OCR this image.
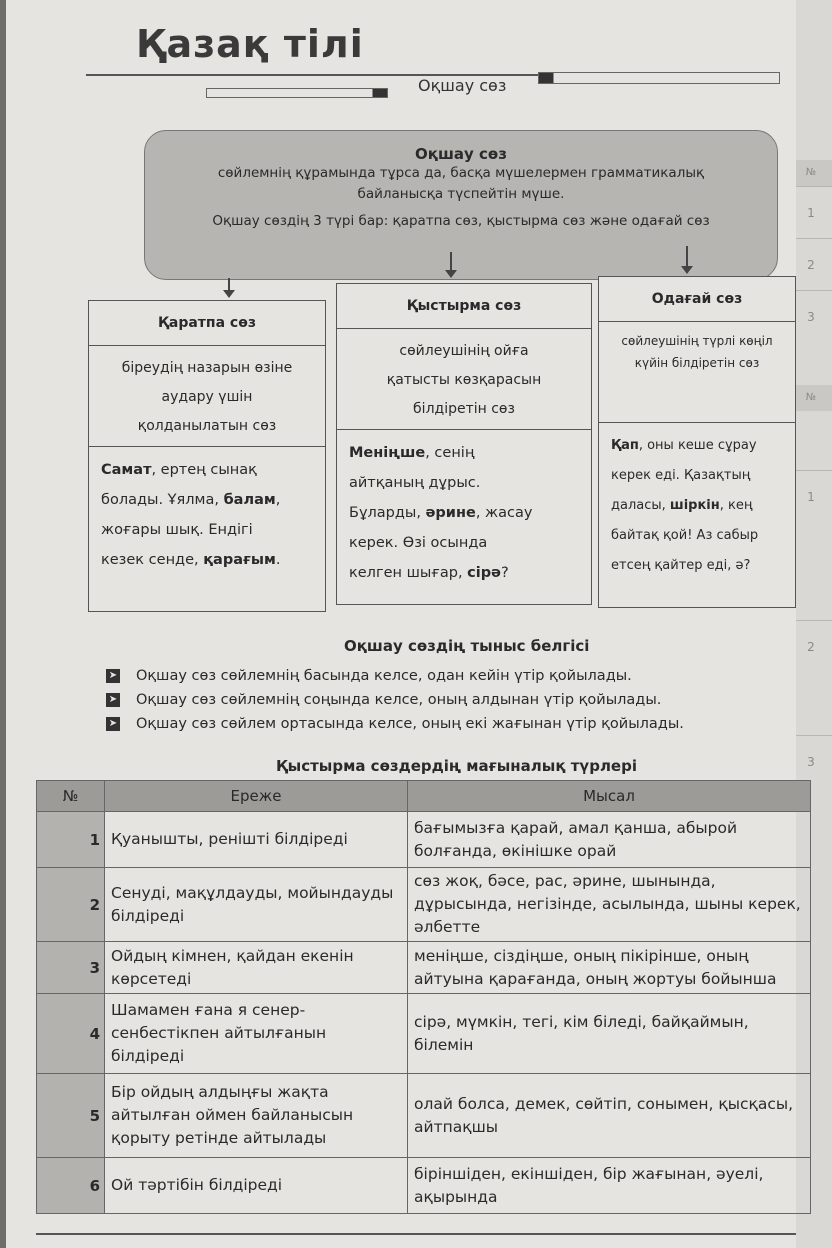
№
1
2
3
№
1
2
3
Қазақ тілі
Оқшау сөз
Оқшау сөз
сөйлемнің құрамында тұрса да, басқа мүшелермен грамматикалық
байланысқа түспейтін мүше.
Оқшау сөздің 3 түрі бар: қаратпа сөз, қыстырма сөз және одағай сөз
Қаратпа сөз
біреудің назарын өзіне
аудару үшін
қолданылатын сөз
Самат, ертең сынақ
болады. Ұялма, балам,
жоғары шық. Ендігі
кезек сенде, қарағым.
Қыстырма сөз
сөйлеушінің ойға
қатысты көзқарасын
білдіретін сөз
Меніңше, сенің
айтқаның дұрыс.
Бұларды, әрине, жасау
керек. Өзі осында
келген шығар, сірә?
Одағай сөз
сөйлеушінің түрлі көңіл
күйін білдіретін сөз
Қап, оны кеше сұрау
керек еді. Қазақтың
даласы, шіркін, кең
байтақ қой! Аз сабыр
етсең қайтер еді, ә?
Оқшау сөздің тыныс белгісі
➤ Оқшау сөз сөйлемнің басында келсе, одан кейін үтір қойылады.
➤ Оқшау сөз сөйлемнің соңында келсе, оның алдынан үтір қойылады.
➤ Оқшау сөз сөйлем ортасында келсе, оның екі жағынан үтір қойылады.
Қыстырма сөздердің мағыналық түрлері
№	Ереже	Мысал
1	Қуанышты, ренішті білдіреді	бағымызға қарай, амал қанша, абырой болғанда, өкінішке орай
2	Сенуді, мақұлдауды, мойындауды білдіреді	сөз жоқ, бәсе, рас, әрине, шынында, дұрысында, негізінде, асылында, шыны керек, әлбетте
3	Ойдың кімнен, қайдан екенін көрсетеді	меніңше, сіздіңше, оның пікірінше, оның айтуына қарағанда, оның жортуы бойынша
4	Шамамен ғана я сенер-сенбестікпен айтылғанын білдіреді	сірә, мүмкін, тегі, кім біледі, байқаймын, білемін
5	Бір ойдың алдыңғы жақта айтылған оймен байланысын қорыту ретінде айтылады	олай болса, демек, сөйтіп, сонымен, қысқасы, айтпақшы
6	Ой тәртібін білдіреді	біріншіден, екіншіден, бір жағынан, әуелі, ақырында
